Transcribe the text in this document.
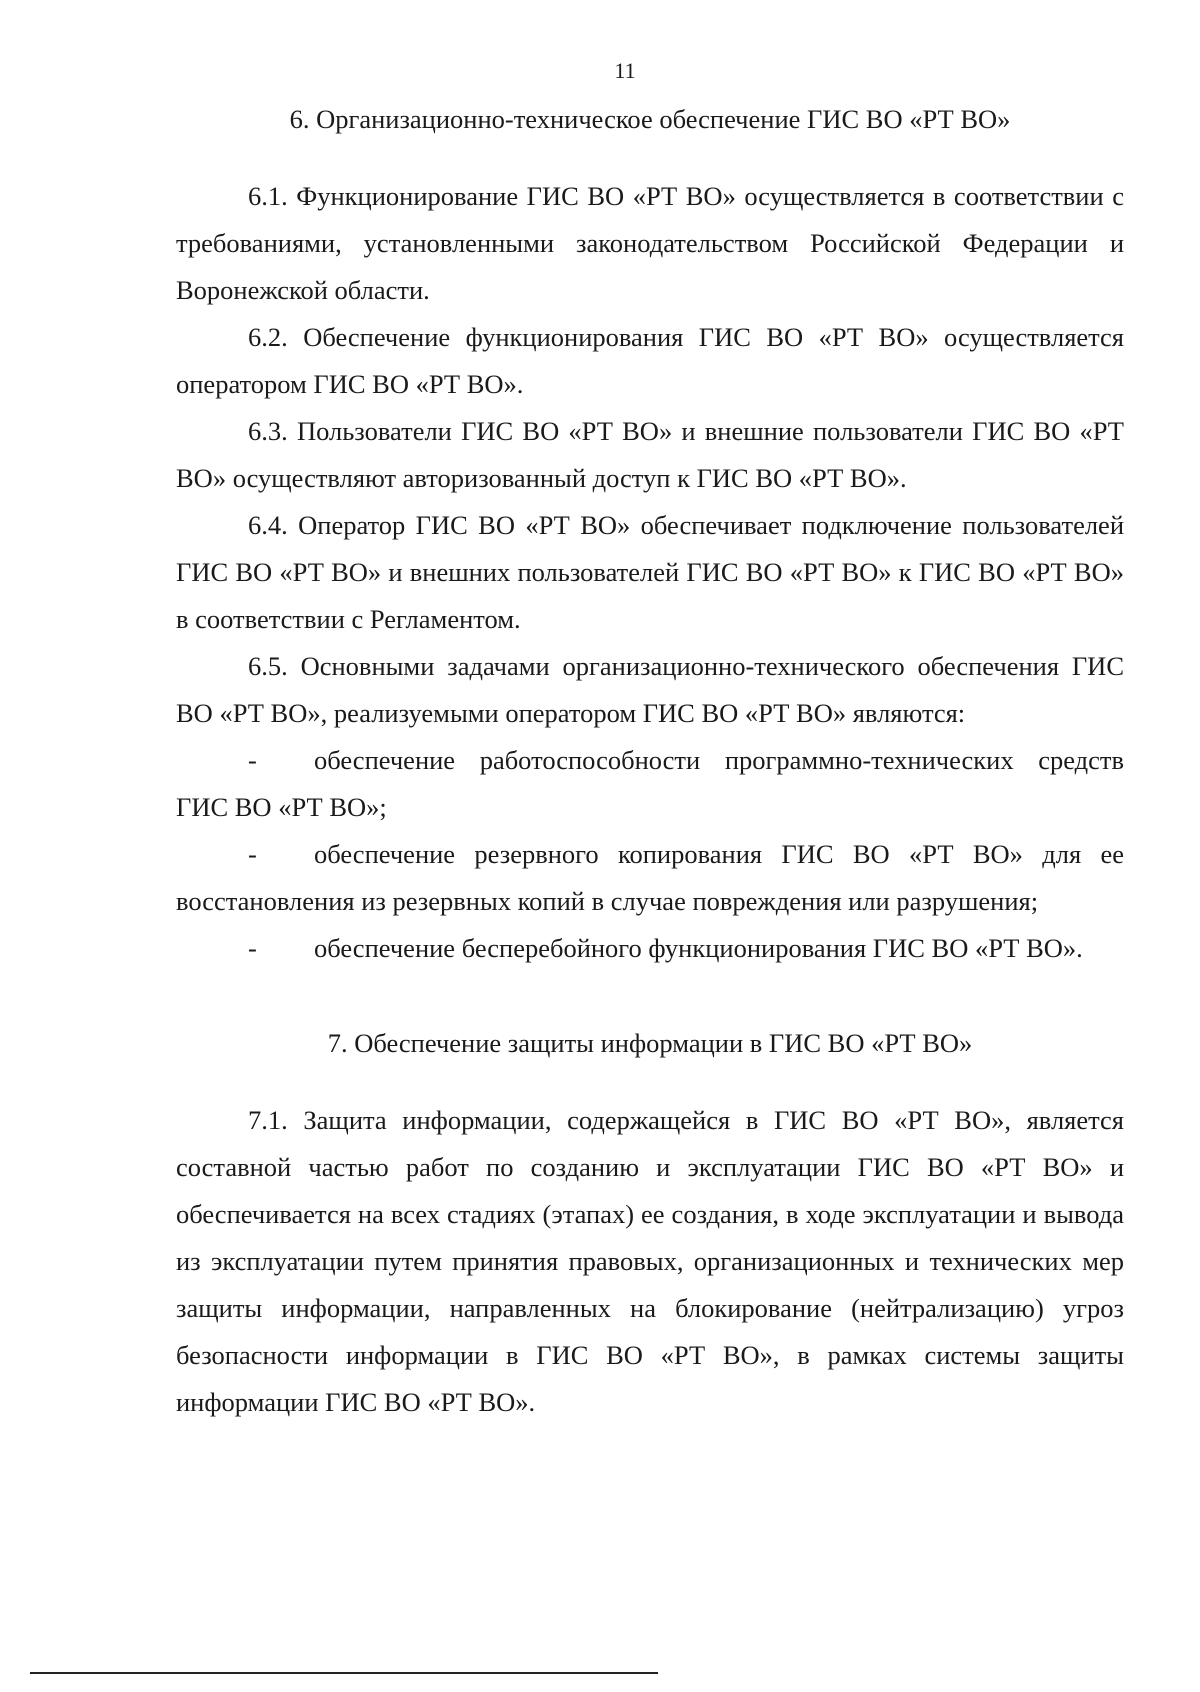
11
6. Организационно-техническое обеспечение ГИС ВО «РТ ВО»

6.1. Функционирование ГИС ВО «РТ ВО» осуществляется в соответствии с требованиями, установленными законодательством Российской Федерации и Воронежской области.

6.2. Обеспечение функционирования ГИС ВО «РТ ВО» осуществляется оператором ГИС ВО «РТ ВО».

6.3. Пользователи ГИС ВО «РТ ВО» и внешние пользователи ГИС ВО «РТ ВО» осуществляют авторизованный доступ к ГИС ВО «РТ ВО».

6.4. Оператор ГИС ВО «РТ ВО» обеспечивает подключение пользователей ГИС ВО «РТ ВО» и внешних пользователей ГИС ВО «РТ ВО» к ГИС ВО «РТ ВО» в соответствии с Регламентом.

6.5. Основными задачами организационно-технического обеспечения ГИС ВО «РТ ВО», реализуемыми оператором ГИС ВО «РТ ВО» являются:

- обеспечение работоспособности программно-технических средств ГИС ВО «РТ ВО»;

- обеспечение резервного копирования ГИС ВО «РТ ВО» для ее восстановления из резервных копий в случае повреждения или разрушения;

- обеспечение бесперебойного функционирования ГИС ВО «РТ ВО».

7. Обеспечение защиты информации в ГИС ВО «РТ ВО»

7.1. Защита информации, содержащейся в ГИС ВО «РТ ВО», является составной частью работ по созданию и эксплуатации ГИС ВО «РТ ВО» и обеспечивается на всех стадиях (этапах) ее создания, в ходе эксплуатации и вывода из эксплуатации путем принятия правовых, организационных и технических мер защиты информации, направленных на блокирование (нейтрализацию) угроз безопасности информации в ГИС ВО «РТ ВО», в рамках системы защиты информации ГИС ВО «РТ ВО».
